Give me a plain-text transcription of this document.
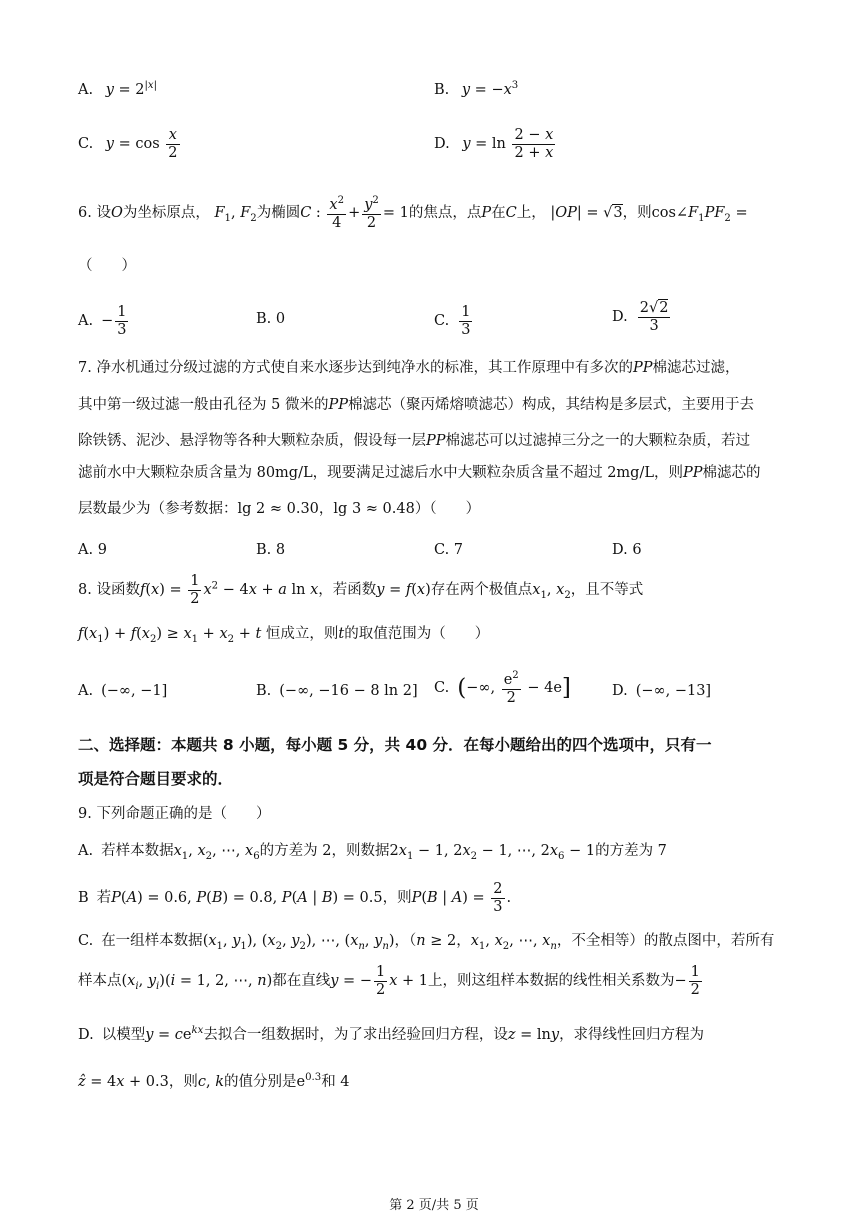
A. $y = 2^{|x|}$	B. $y = -x^3$
C. $y = \cos \frac{x}{2}$	D. $y = \ln \frac{2 - x}{2 + x}$
6. 设O为坐标原点， $F_1$, $F_2$为椭圆C : $\frac{x^2}{4} + \frac{y^2}{2} = 1$的焦点，点P在C上， |OP| = √3，则$\cos\angle F_1PF_2$ =
（　　）
A. − $\frac{1}{3}$	B. 0	C. $\frac{1}{3}$	D. $\frac{2√2}{3}$
7. 净水机通过分级过滤的方式使自来水逐步达到纯净水的标准，其工作原理中有多次的PP棉滤芯过滤，
其中第一级过滤一般由孔径为 5 微米的PP棉滤芯（聚丙烯熔喷滤芯）构成，其结构是多层式，主要用于去
除铁锈、泥沙、悬浮物等各种大颗粒杂质，假设每一层PP棉滤芯可以过滤掉三分之一的大颗粒杂质，若过
滤前水中大颗粒杂质含量为 80mg/L，现要满足过滤后水中大颗粒杂质含量不超过 2mg/L，则PP棉滤芯的
层数最少为（参考数据：lg 2 ≈ 0.30，lg 3 ≈ 0.48）（　　）
A. 9	B. 8	C. 7	D. 6
8. 设函数$f(x) = \frac{1}{2} x^2 - 4x + a$ ln x，若函数y = f(x)存在两个极值点$x_1$, $x_2$，且不等式
$f(x_1) + f(x_2) \ge x_1 + x_2 + t$ 恒成立，则t的取值范围为（　　）
A. (−∞, −1]	B. (−∞, −16 − 8 ln 2] C. (−∞, $\frac{e^2}{2} - 4e$]	D. (−∞, −13]
二、选择题：本题共 8 小题，每小题 5 分，共 40 分．在每小题给出的四个选项中，只有一
项是符合题目要求的．
9. 下列命题正确的是（　　）
A. 若样本数据$x_1$, $x_2$, ⋯, $x_6$的方差为 2，则数据$2x_1 - 1$, $2x_2 - 1$, ⋯, $2x_6 - 1$的方差为 7
B 若P(A) = 0.6, P(B) = 0.8, P(A | B) = 0.5，则P(B | $A) = \frac{2}{3}$ .
C. 在一组样本数据($x_1$, $y_1$), ($x_2$, $y_2$), ⋯, ($x_n$, $y_n$)，（n ≥ 2，$x_1$, $x_2$, ⋯, $x_n$，不全相等）的散点图中，若所有
样本点($x_i$, $y_i)(i = 1$, 2, ⋯, n)都在直线y = − $\frac{1}{2}$ x + 1上，则这组样本数据的线性相关系数为− $\frac{1}{2}$
D. 以模型$y = ce^{kx}$去拟合一组数据时，为了求出经验回归方程，设z = lny，求得线性回归方程为
ẑ = 4x + 0.3，则c, k的值分别是$e^{0.3}$和 4
第 2 页/共 5 页
